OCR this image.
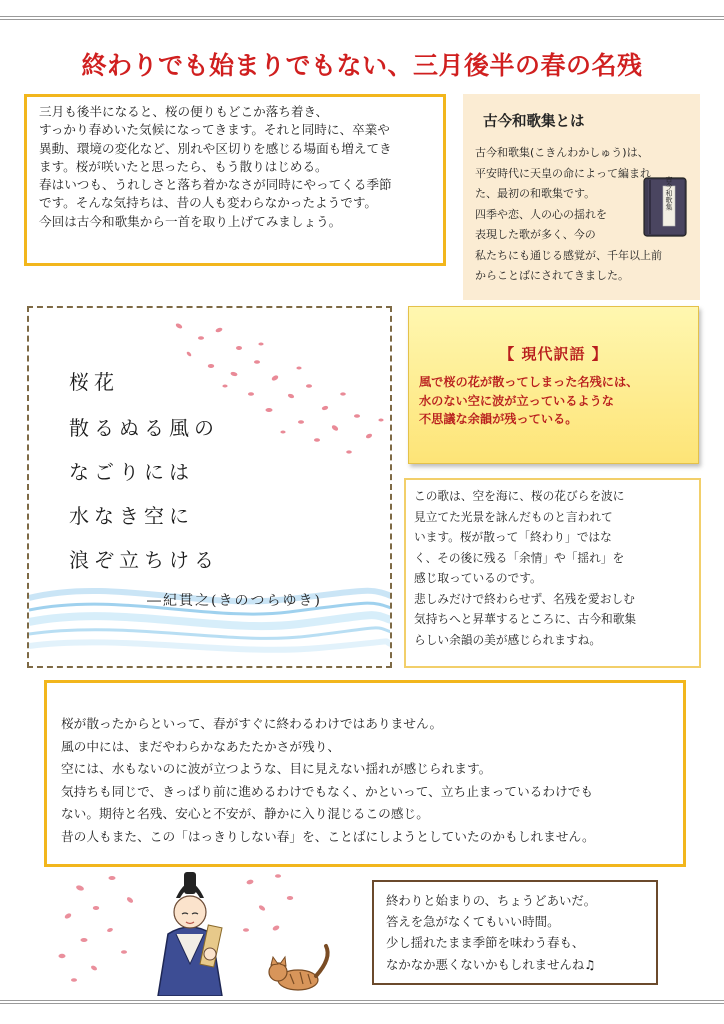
終わりでも始まりでもない、三月後半の春の名残

三月も後半になると、桜の便りもどこか落ち着き、
すっかり春めいた気候になってきます。それと同時に、卒業や
異動、環境の変化など、別れや区切りを感じる場面も増えてき
ます。桜が咲いたと思ったら、もう散りはじめる。
春はいつも、うれしさと落ち着かなさが同時にやってくる季節
です。そんな気持ちは、昔の人も変わらなかったようです。
今回は古今和歌集から一首を取り上げてみましょう。

古今和歌集とは

古今和歌集(こきんわかしゅう)は、
平安時代に天皇の命によって編まれ
た、最初の和歌集です。
四季や恋、人の心の揺れを
表現した歌が多く、今の
私たちにも通じる感覚が、千年以上前
からことばにされてきました。

古今和歌集
桜花
散るぬる風の
なごりには
水なき空に
浪ぞ立ちける
―紀貫之(きのつらゆき)
【 現代訳語 】

風で桜の花が散ってしまった名残には、
水のない空に波が立っているような
不思議な余韻が残っている。

この歌は、空を海に、桜の花びらを波に
見立てた光景を詠んだものと言われて
います。桜が散って「終わり」ではな
く、その後に残る「余情」や「揺れ」を
感じ取っているのです。
悲しみだけで終わらせず、名残を愛おしむ
気持ちへと昇華するところに、古今和歌集
らしい余韻の美が感じられますね。

桜が散ったからといって、春がすぐに終わるわけではありません。
風の中には、まだやわらかなあたたかさが残り、
空には、水もないのに波が立つような、目に見えない揺れが感じられます。
気持ちも同じで、きっぱり前に進めるわけでもなく、かといって、立ち止まっているわけでも
ない。期待と名残、安心と不安が、静かに入り混じるこの感じ。
昔の人もまた、この「はっきりしない春」を、ことばにしようとしていたのかもしれません。

終わりと始まりの、ちょうどあいだ。
答えを急がなくてもいい時間。
少し揺れたまま季節を味わう春も、
なかなか悪くないかもしれませんね♫
